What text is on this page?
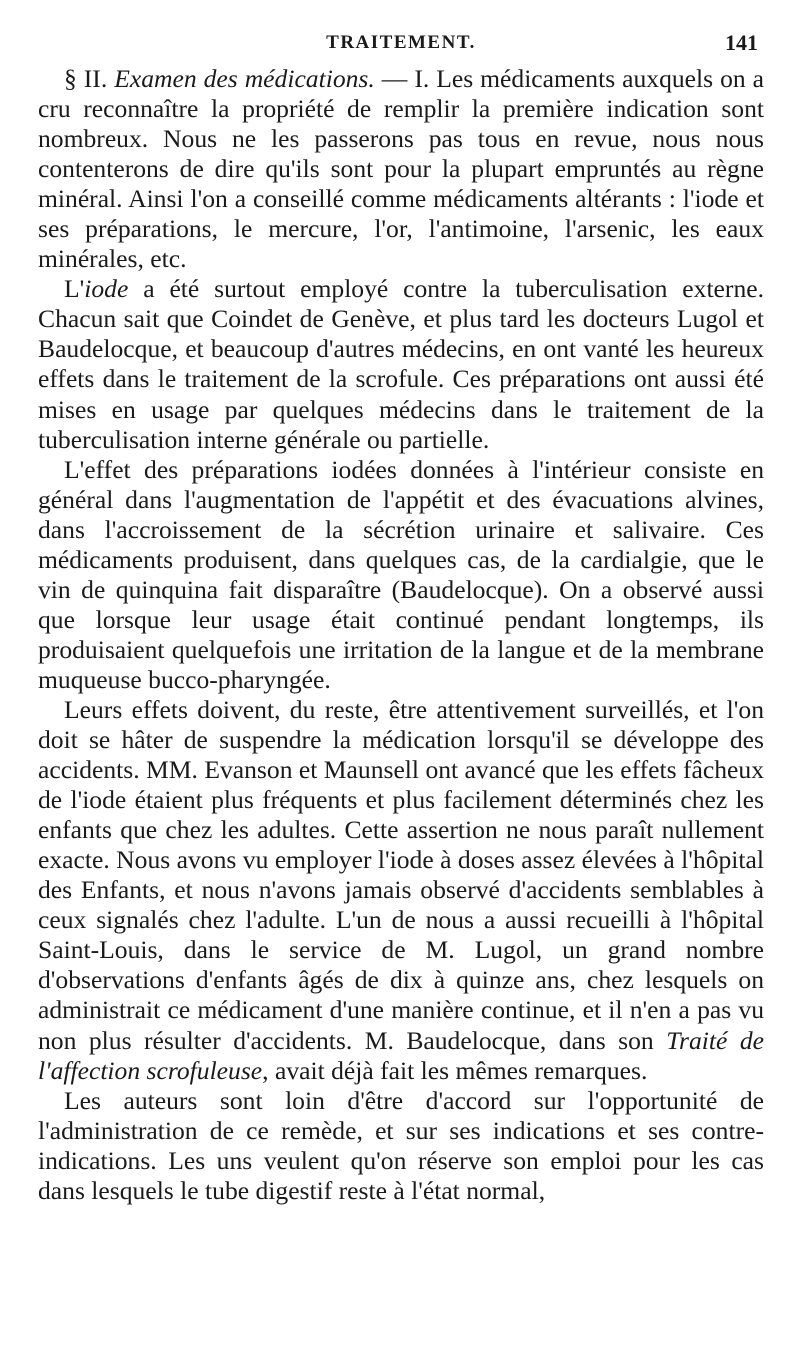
TRAITEMENT.	141

§ II. Examen des médications. — I. Les médicaments auxquels on a cru reconnaître la propriété de remplir la première indication sont nombreux. Nous ne les passerons pas tous en revue, nous nous contenterons de dire qu'ils sont pour la plupart empruntés au règne minéral. Ainsi l'on a conseillé comme médicaments altérants : l'iode et ses préparations, le mercure, l'or, l'antimoine, l'arsenic, les eaux minérales, etc.

L'iode a été surtout employé contre la tuberculisation externe. Chacun sait que Coindet de Genève, et plus tard les docteurs Lugol et Baudelocque, et beaucoup d'autres médecins, en ont vanté les heureux effets dans le traitement de la scrofule. Ces préparations ont aussi été mises en usage par quelques médecins dans le traitement de la tuberculisation interne générale ou partielle.

L'effet des préparations iodées données à l'intérieur consiste en général dans l'augmentation de l'appétit et des évacuations alvines, dans l'accroissement de la sécrétion urinaire et salivaire. Ces médicaments produisent, dans quelques cas, de la cardialgie, que le vin de quinquina fait disparaître (Baudelocque). On a observé aussi que lorsque leur usage était continué pendant longtemps, ils produisaient quelquefois une irritation de la langue et de la membrane muqueuse bucco-pharyngée.

Leurs effets doivent, du reste, être attentivement surveillés, et l'on doit se hâter de suspendre la médication lorsqu'il se développe des accidents. MM. Evanson et Maunsell ont avancé que les effets fâcheux de l'iode étaient plus fréquents et plus facilement déterminés chez les enfants que chez les adultes. Cette assertion ne nous paraît nullement exacte. Nous avons vu employer l'iode à doses assez élevées à l'hôpital des Enfants, et nous n'avons jamais observé d'accidents semblables à ceux signalés chez l'adulte. L'un de nous a aussi recueilli à l'hôpital Saint-Louis, dans le service de M. Lugol, un grand nombre d'observations d'enfants âgés de dix à quinze ans, chez lesquels on administrait ce médicament d'une manière continue, et il n'en a pas vu non plus résulter d'accidents. M. Baudelocque, dans son Traité de l'affection scrofuleuse, avait déjà fait les mêmes remarques.

Les auteurs sont loin d'être d'accord sur l'opportunité de l'administration de ce remède, et sur ses indications et ses contre-indications. Les uns veulent qu'on réserve son emploi pour les cas dans lesquels le tube digestif reste à l'état normal,
